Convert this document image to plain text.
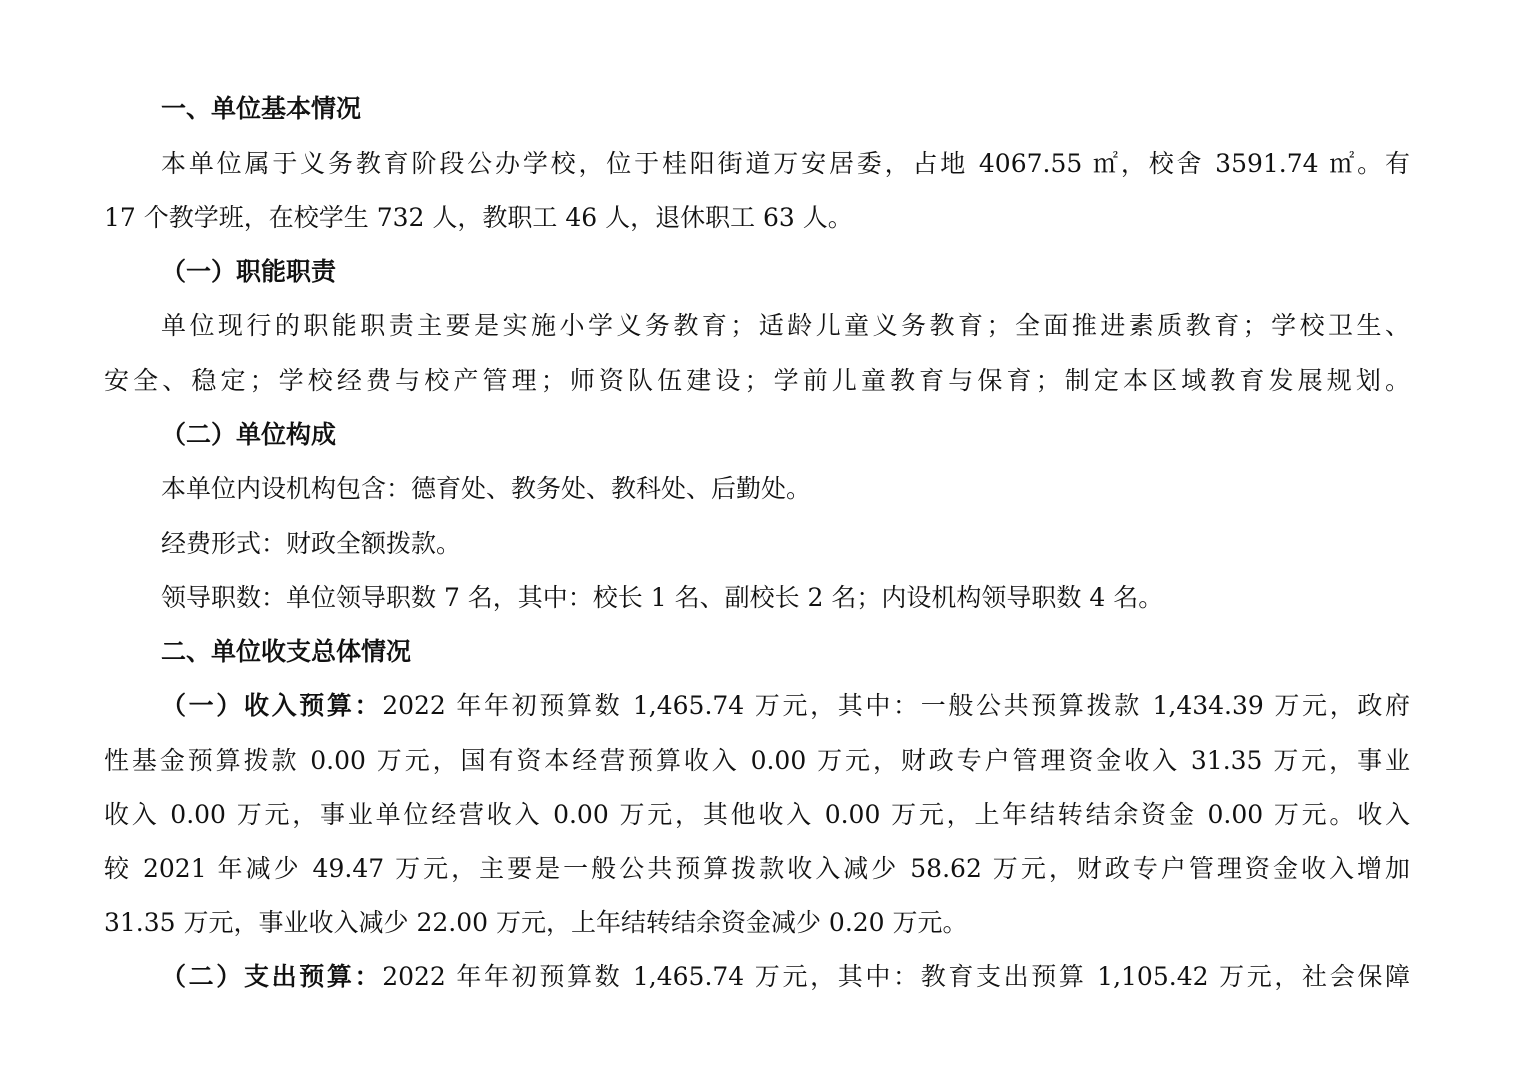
一、单位基本情况
本单位属于义务教育阶段公办学校，位于桂阳街道万安居委，占地 4067.55 ㎡，校舍 3591.74 ㎡。有
17 个教学班，在校学生 732 人，教职工 46 人，退休职工 63 人。
（一）职能职责
单位现行的职能职责主要是实施小学义务教育；适龄儿童义务教育；全面推进素质教育；学校卫生、
安全、稳定；学校经费与校产管理；师资队伍建设；学前儿童教育与保育；制定本区域教育发展规划。
（二）单位构成
本单位内设机构包含：德育处、教务处、教科处、后勤处。
经费形式：财政全额拨款。
领导职数：单位领导职数 7 名，其中：校长 1 名、副校长 2 名；内设机构领导职数 4 名。
二、单位收支总体情况
（一）收入预算：2022 年年初预算数 1,465.74 万元，其中：一般公共预算拨款 1,434.39 万元，政府
性基金预算拨款 0.00 万元，国有资本经营预算收入 0.00 万元，财政专户管理资金收入 31.35 万元，事业
收入 0.00 万元，事业单位经营收入 0.00 万元，其他收入 0.00 万元，上年结转结余资金 0.00 万元。收入
较 2021 年减少 49.47 万元，主要是一般公共预算拨款收入减少 58.62 万元，财政专户管理资金收入增加
31.35 万元，事业收入减少 22.00 万元，上年结转结余资金减少 0.20 万元。
（二）支出预算：2022 年年初预算数 1,465.74 万元，其中：教育支出预算 1,105.42 万元，社会保障
